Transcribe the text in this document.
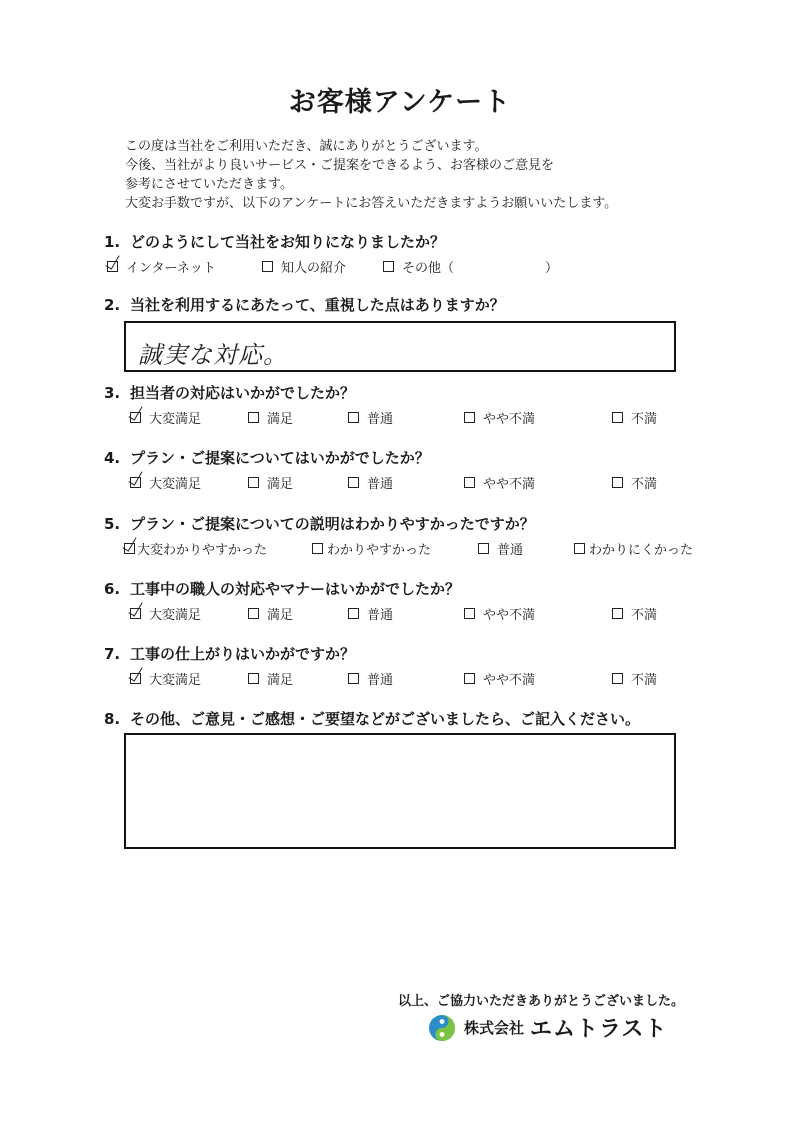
お客様アンケート
この度は当社をご利用いただき、誠にありがとうございます。
今後、当社がより良いサービス・ご提案をできるよう、お客様のご意見を
参考にさせていただきます。
大変お手数ですが、以下のアンケートにお答えいただきますようお願いいたします。
1. どのようにして当社をお知りになりましたか？
インターネット	知人の紹介	その他（　　　　　　　）
2. 当社を利用するにあたって、重視した点はありますか？
誠実な対応。
3. 担当者の対応はいかがでしたか？
大変満足	満足	普通	やや不満	不満
4. プラン・ご提案についてはいかがでしたか？
大変満足	満足	普通	やや不満	不満
5. プラン・ご提案についての説明はわかりやすかったですか？
大変わかりやすかった	わかりやすかった	普通	わかりにくかった
6. 工事中の職人の対応やマナーはいかがでしたか？
大変満足	満足	普通	やや不満	不満
7. 工事の仕上がりはいかがですか？
大変満足	満足	普通	やや不満	不満
8. その他、ご意見・ご感想・ご要望などがございましたら、ご記入ください。
以上、ご協力いただきありがとうございました。
株式会社 エムトラスト
